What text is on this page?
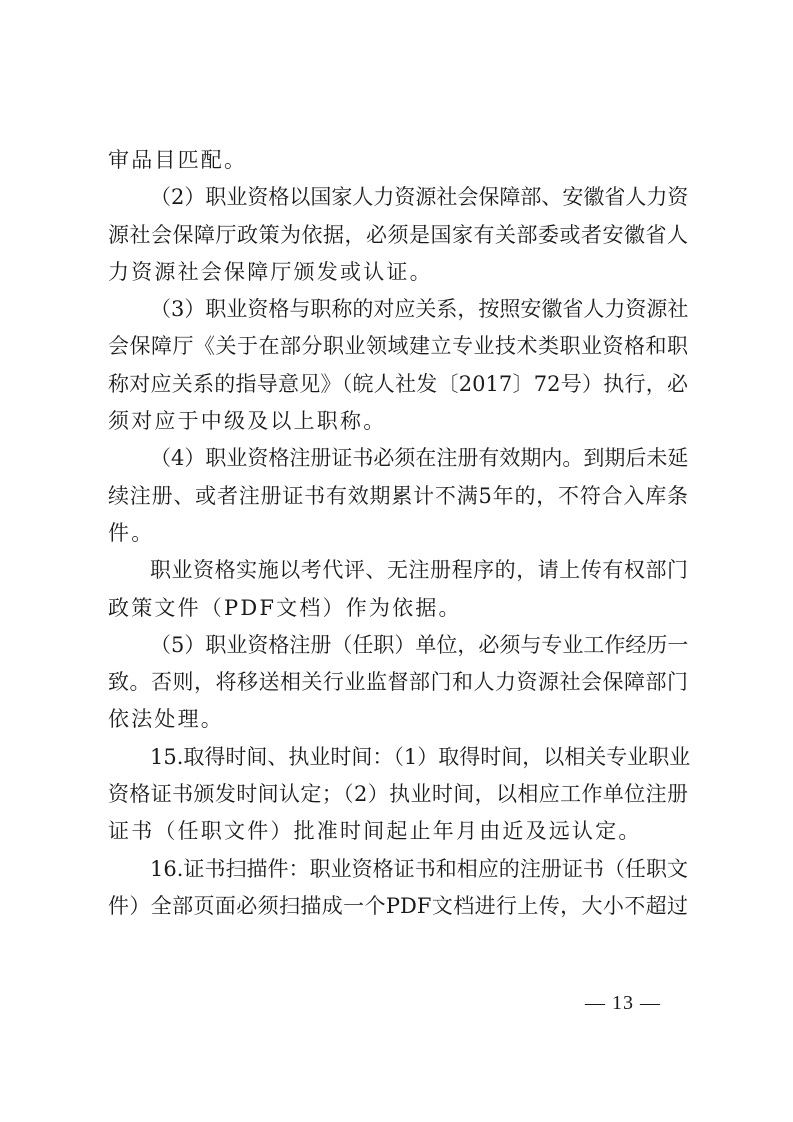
审品目匹配。
（2）职业资格以国家人力资源社会保障部、安徽省人力资
源社会保障厅政策为依据，必须是国家有关部委或者安徽省人
力资源社会保障厅颁发或认证。
（3）职业资格与职称的对应关系，按照安徽省人力资源社
会保障厅《关于在部分职业领域建立专业技术类职业资格和职
称对应关系的指导意见》（皖人社发〔2017〕72号）执行，必
须对应于中级及以上职称。
（4）职业资格注册证书必须在注册有效期内。到期后未延
续注册、或者注册证书有效期累计不满5年的，不符合入库条
件。
职业资格实施以考代评、无注册程序的，请上传有权部门
政策文件（PDF文档）作为依据。
（5）职业资格注册（任职）单位，必须与专业工作经历一
致。否则，将移送相关行业监督部门和人力资源社会保障部门
依法处理。
15.取得时间、执业时间：（1）取得时间，以相关专业职业
资格证书颁发时间认定；（2）执业时间，以相应工作单位注册
证书（任职文件）批准时间起止年月由近及远认定。
16.证书扫描件：职业资格证书和相应的注册证书（任职文
件）全部页面必须扫描成一个PDF文档进行上传，大小不超过
— 13 —
